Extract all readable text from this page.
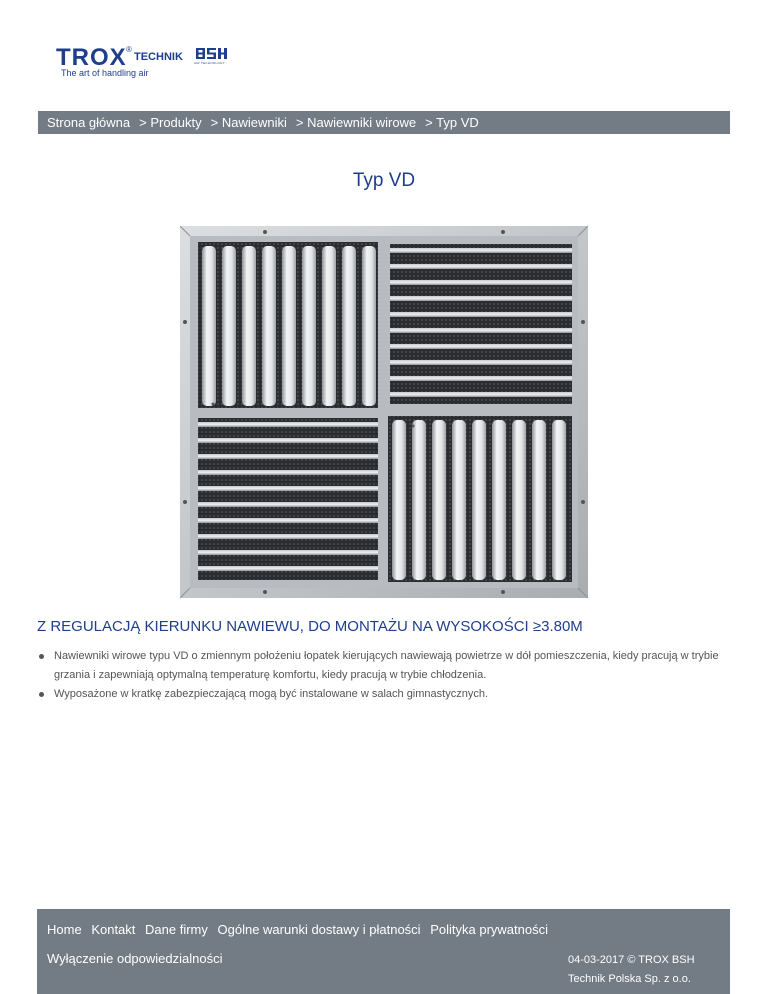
TROX ®
TECHNIK
The art of handling air
AIR TECHNOLOGY
Strona główna > Produkty > Nawiewniki > Nawiewniki wirowe > Typ VD
Typ VD
Z REGULACJĄ KIERUNKU NAWIEWU, DO MONTAŻU NA WYSOKOŚCI ≥3.80M
Nawiewniki wirowe typu VD o zmiennym położeniu łopatek kierujących nawiewają powietrze w dół pomieszczenia, kiedy pracują w trybie grzania i zapewniają optymalną temperaturę komfortu, kiedy pracują w trybie chłodzenia.
Wyposażone w kratkę zabezpieczającą mogą być instalowane w salach gimnastycznych.
Home Kontakt Dane firmy Ogólne warunki dostawy i płatności Polityka prywatności
Wyłączenie odpowiedzialności	04-03-2017 © TROX BSH
Technik Polska Sp. z o.o.
